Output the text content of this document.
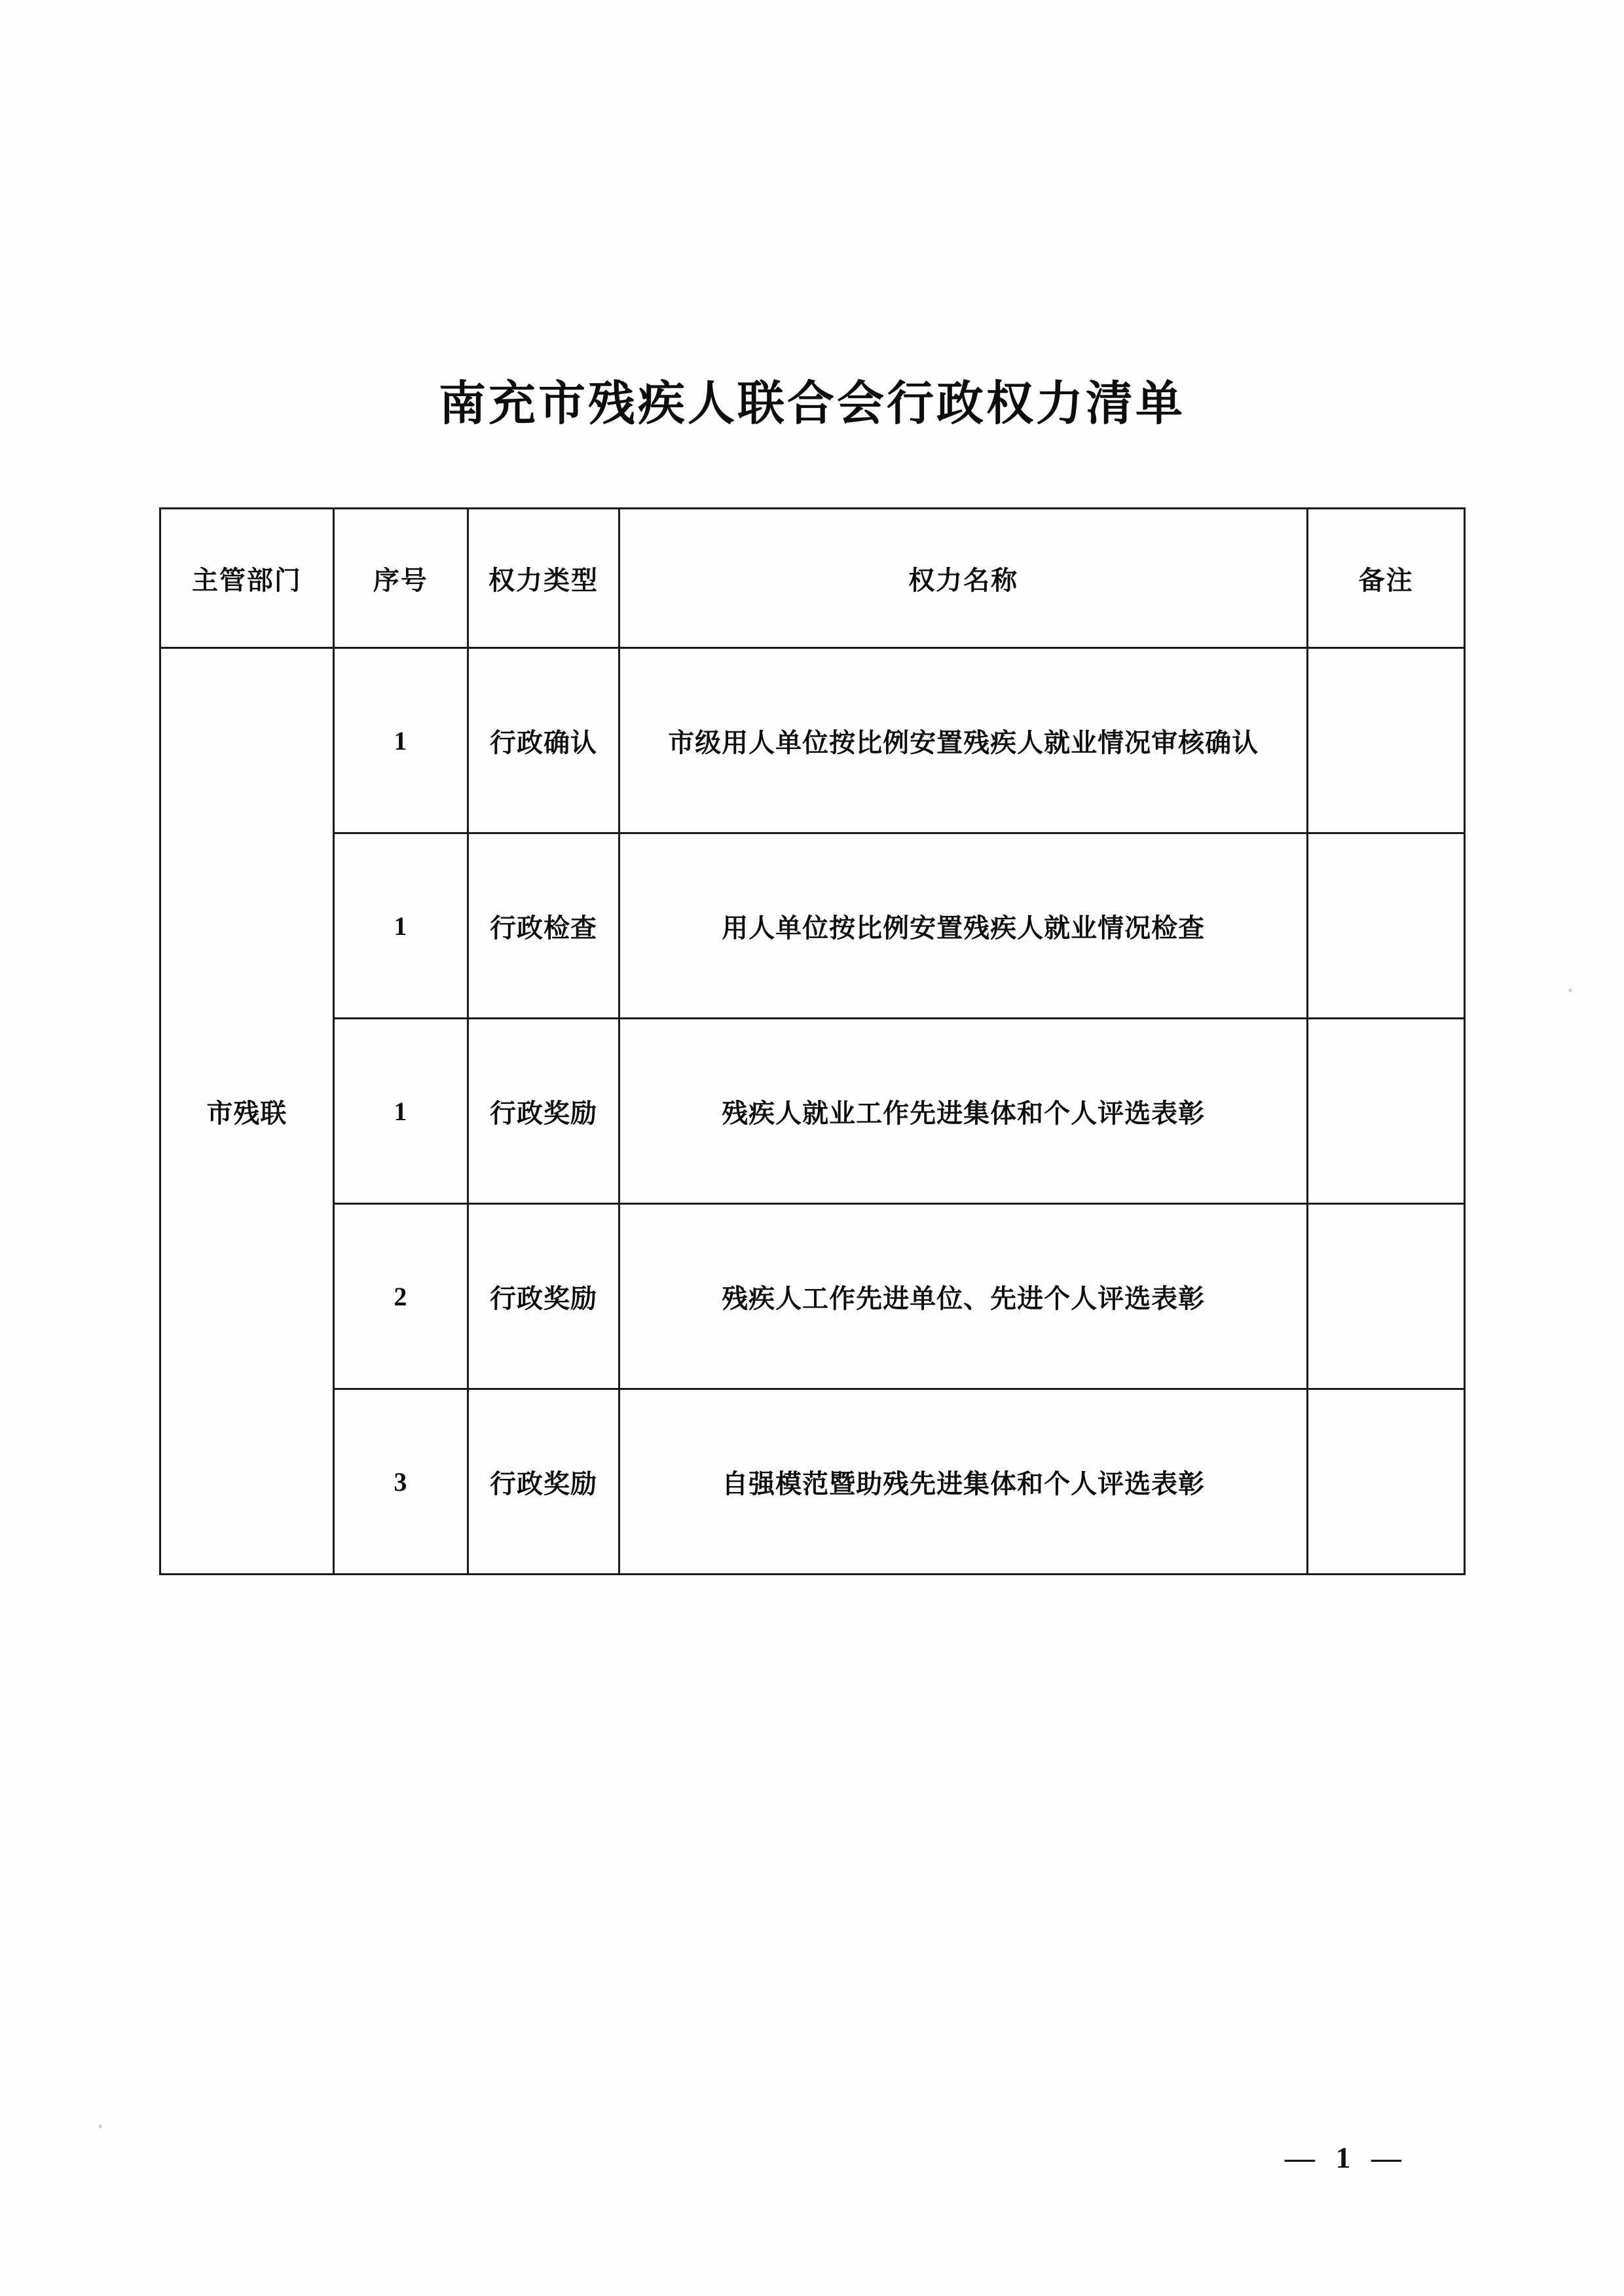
南充市残疾人联合会行政权力清单
主管部门	序号	权力类型	权力名称	备注
市残联	1	行政确认	市级用人单位按比例安置残疾人就业情况审核确认	
	1	行政检查	用人单位按比例安置残疾人就业情况检查	
	1	行政奖励	残疾人就业工作先进集体和个人评选表彰	
	2	行政奖励	残疾人工作先进单位、先进个人评选表彰	
	3	行政奖励	自强模范暨助残先进集体和个人评选表彰	
— 1 —
